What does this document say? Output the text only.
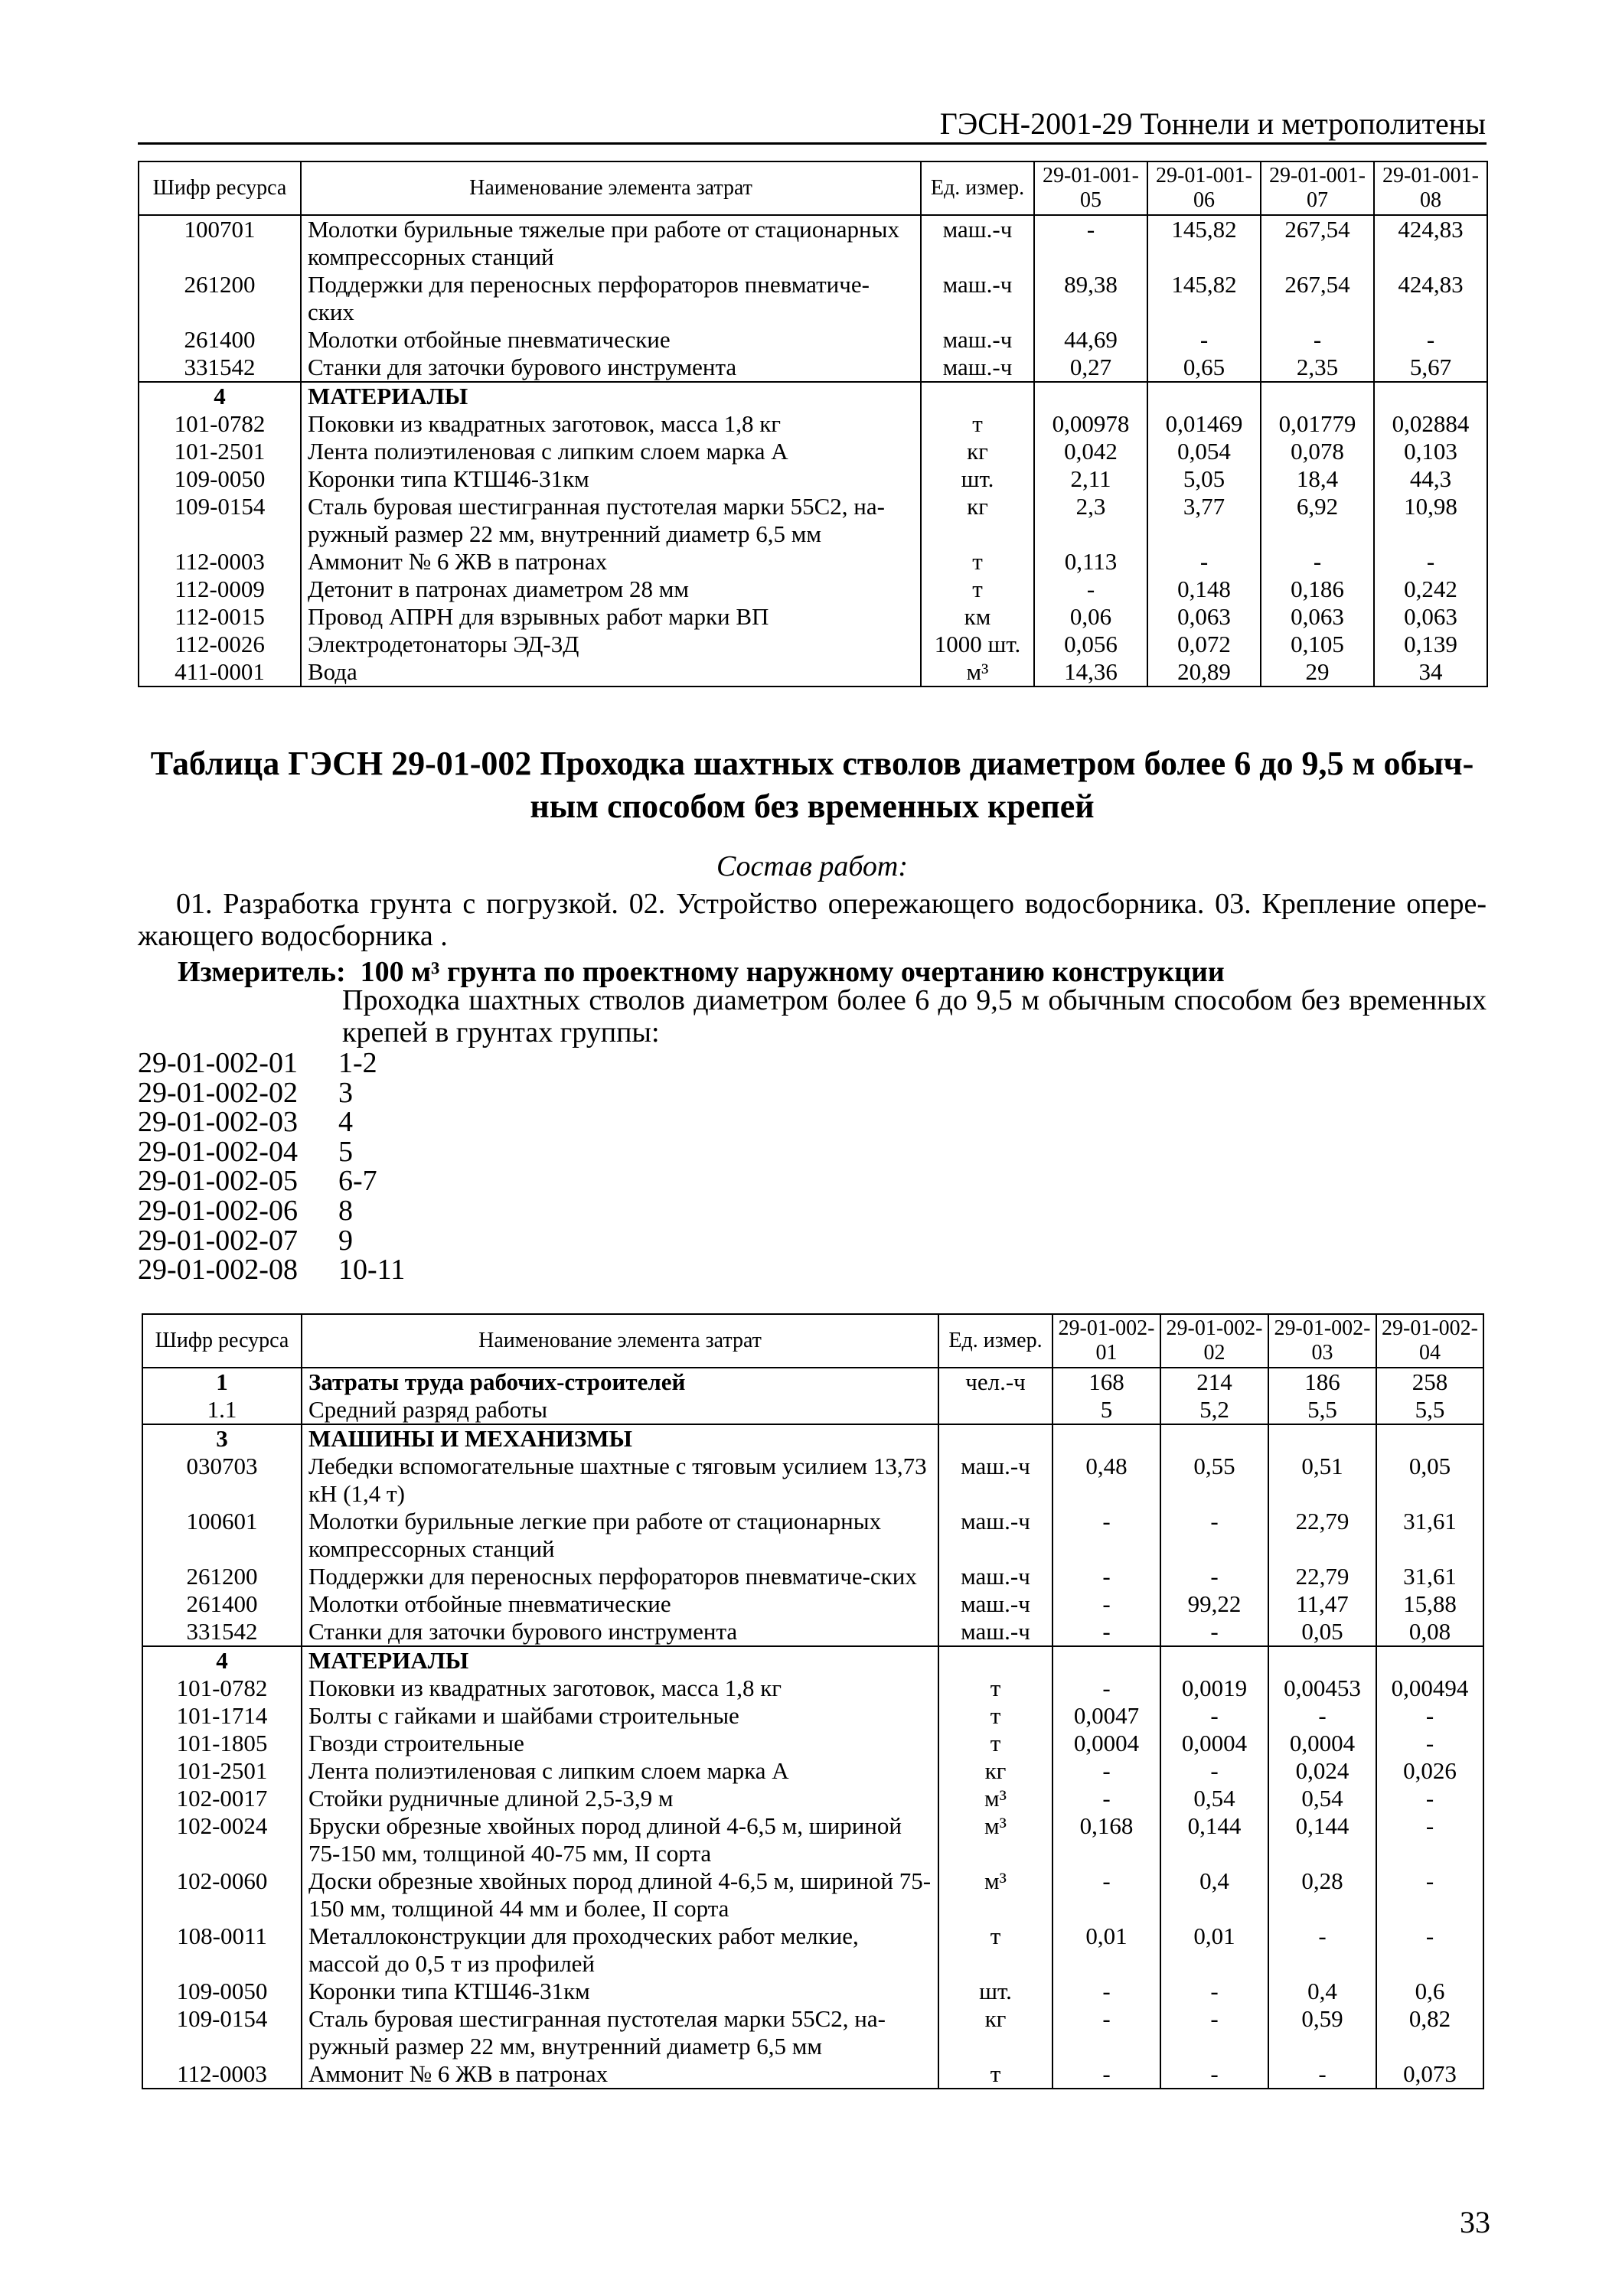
ГЭСН-2001-29 Тоннели и метрополитены
Шифр ресурса	Наименование элемента затрат	Ед. измер.	29-01-001-05	29-01-001-06	29-01-001-07	29-01-001-08
100701	Молотки бурильные тяжелые при работе от стационарных компрессорных станций	маш.-ч	-	145,82	267,54	424,83
261200	Поддержки для переносных перфораторов пневматиче-ских	маш.-ч	89,38	145,82	267,54	424,83
261400	Молотки отбойные пневматические	маш.-ч	44,69	-	-	-
331542	Станки для заточки бурового инструмента	маш.-ч	0,27	0,65	2,35	5,67
4	МАТЕРИАЛЫ					
101-0782	Поковки из квадратных заготовок, масса 1,8 кг	т	0,00978	0,01469	0,01779	0,02884
101-2501	Лента полиэтиленовая с липким слоем марка А	кг	0,042	0,054	0,078	0,103
109-0050	Коронки типа КТШ46-31км	шт.	2,11	5,05	18,4	44,3
109-0154	Сталь буровая шестигранная пустотелая марки 55С2, на-ружный размер 22 мм, внутренний диаметр 6,5 мм	кг	2,3	3,77	6,92	10,98
112-0003	Аммонит № 6 ЖВ в патронах	т	0,113	-	-	-
112-0009	Детонит в патронах диаметром 28 мм	т	-	0,148	0,186	0,242
112-0015	Провод АПРН для взрывных работ марки ВП	км	0,06	0,063	0,063	0,063
112-0026	Электродетонаторы ЭД-3Д	1000 шт.	0,056	0,072	0,105	0,139
411-0001	Вода	м³	14,36	20,89	29	34
Таблица ГЭСН 29-01-002 Проходка шахтных стволов диаметром более 6 до 9,5 м обыч-ным способом без временных крепей
Состав работ:
01. Разработка грунта с погрузкой. 02. Устройство опережающего водосборника. 03. Крепление опере-жающего водосборника .
Измеритель: 100 м³ грунта по проектному наружному очертанию конструкции
Проходка шахтных стволов диаметром более 6 до 9,5 м обычным способом без временных крепей в грунтах группы:
29-01-002-01	1-2
29-01-002-02	3
29-01-002-03	4
29-01-002-04	5
29-01-002-05	6-7
29-01-002-06	8
29-01-002-07	9
29-01-002-08	10-11
Шифр ресурса	Наименование элемента затрат	Ед. измер.	29-01-002-01	29-01-002-02	29-01-002-03	29-01-002-04
1	Затраты труда рабочих-строителей	чел.-ч	168	214	186	258
1.1	Средний разряд работы		5	5,2	5,5	5,5
3	МАШИНЫ И МЕХАНИЗМЫ					
030703	Лебедки вспомогательные шахтные с тяговым усилием 13,73 кН (1,4 т)	маш.-ч	0,48	0,55	0,51	0,05
100601	Молотки бурильные легкие при работе от стационарных компрессорных станций	маш.-ч	-	-	22,79	31,61
261200	Поддержки для переносных перфораторов пневматиче-ских	маш.-ч	-	-	22,79	31,61
261400	Молотки отбойные пневматические	маш.-ч	-	99,22	11,47	15,88
331542	Станки для заточки бурового инструмента	маш.-ч	-	-	0,05	0,08
4	МАТЕРИАЛЫ					
101-0782	Поковки из квадратных заготовок, масса 1,8 кг	т	-	0,0019	0,00453	0,00494
101-1714	Болты с гайками и шайбами строительные	т	0,0047	-	-	-
101-1805	Гвозди строительные	т	0,0004	0,0004	0,0004	-
101-2501	Лента полиэтиленовая с липким слоем марка А	кг	-	-	0,024	0,026
102-0017	Стойки рудничные длиной 2,5-3,9 м	м³	-	0,54	0,54	-
102-0024	Бруски обрезные хвойных пород длиной 4-6,5 м, шириной 75-150 мм, толщиной 40-75 мм, II сорта	м³	0,168	0,144	0,144	-
102-0060	Доски обрезные хвойных пород длиной 4-6,5 м, шириной 75-150 мм, толщиной 44 мм и более, II сорта	м³	-	0,4	0,28	-
108-0011	Металлоконструкции для проходческих работ мелкие, массой до 0,5 т из профилей	т	0,01	0,01	-	-
109-0050	Коронки типа КТШ46-31км	шт.	-	-	0,4	0,6
109-0154	Сталь буровая шестигранная пустотелая марки 55С2, на-ружный размер 22 мм, внутренний диаметр 6,5 мм	кг	-	-	0,59	0,82
112-0003	Аммонит № 6 ЖВ в патронах	т	-	-	-	0,073
33
